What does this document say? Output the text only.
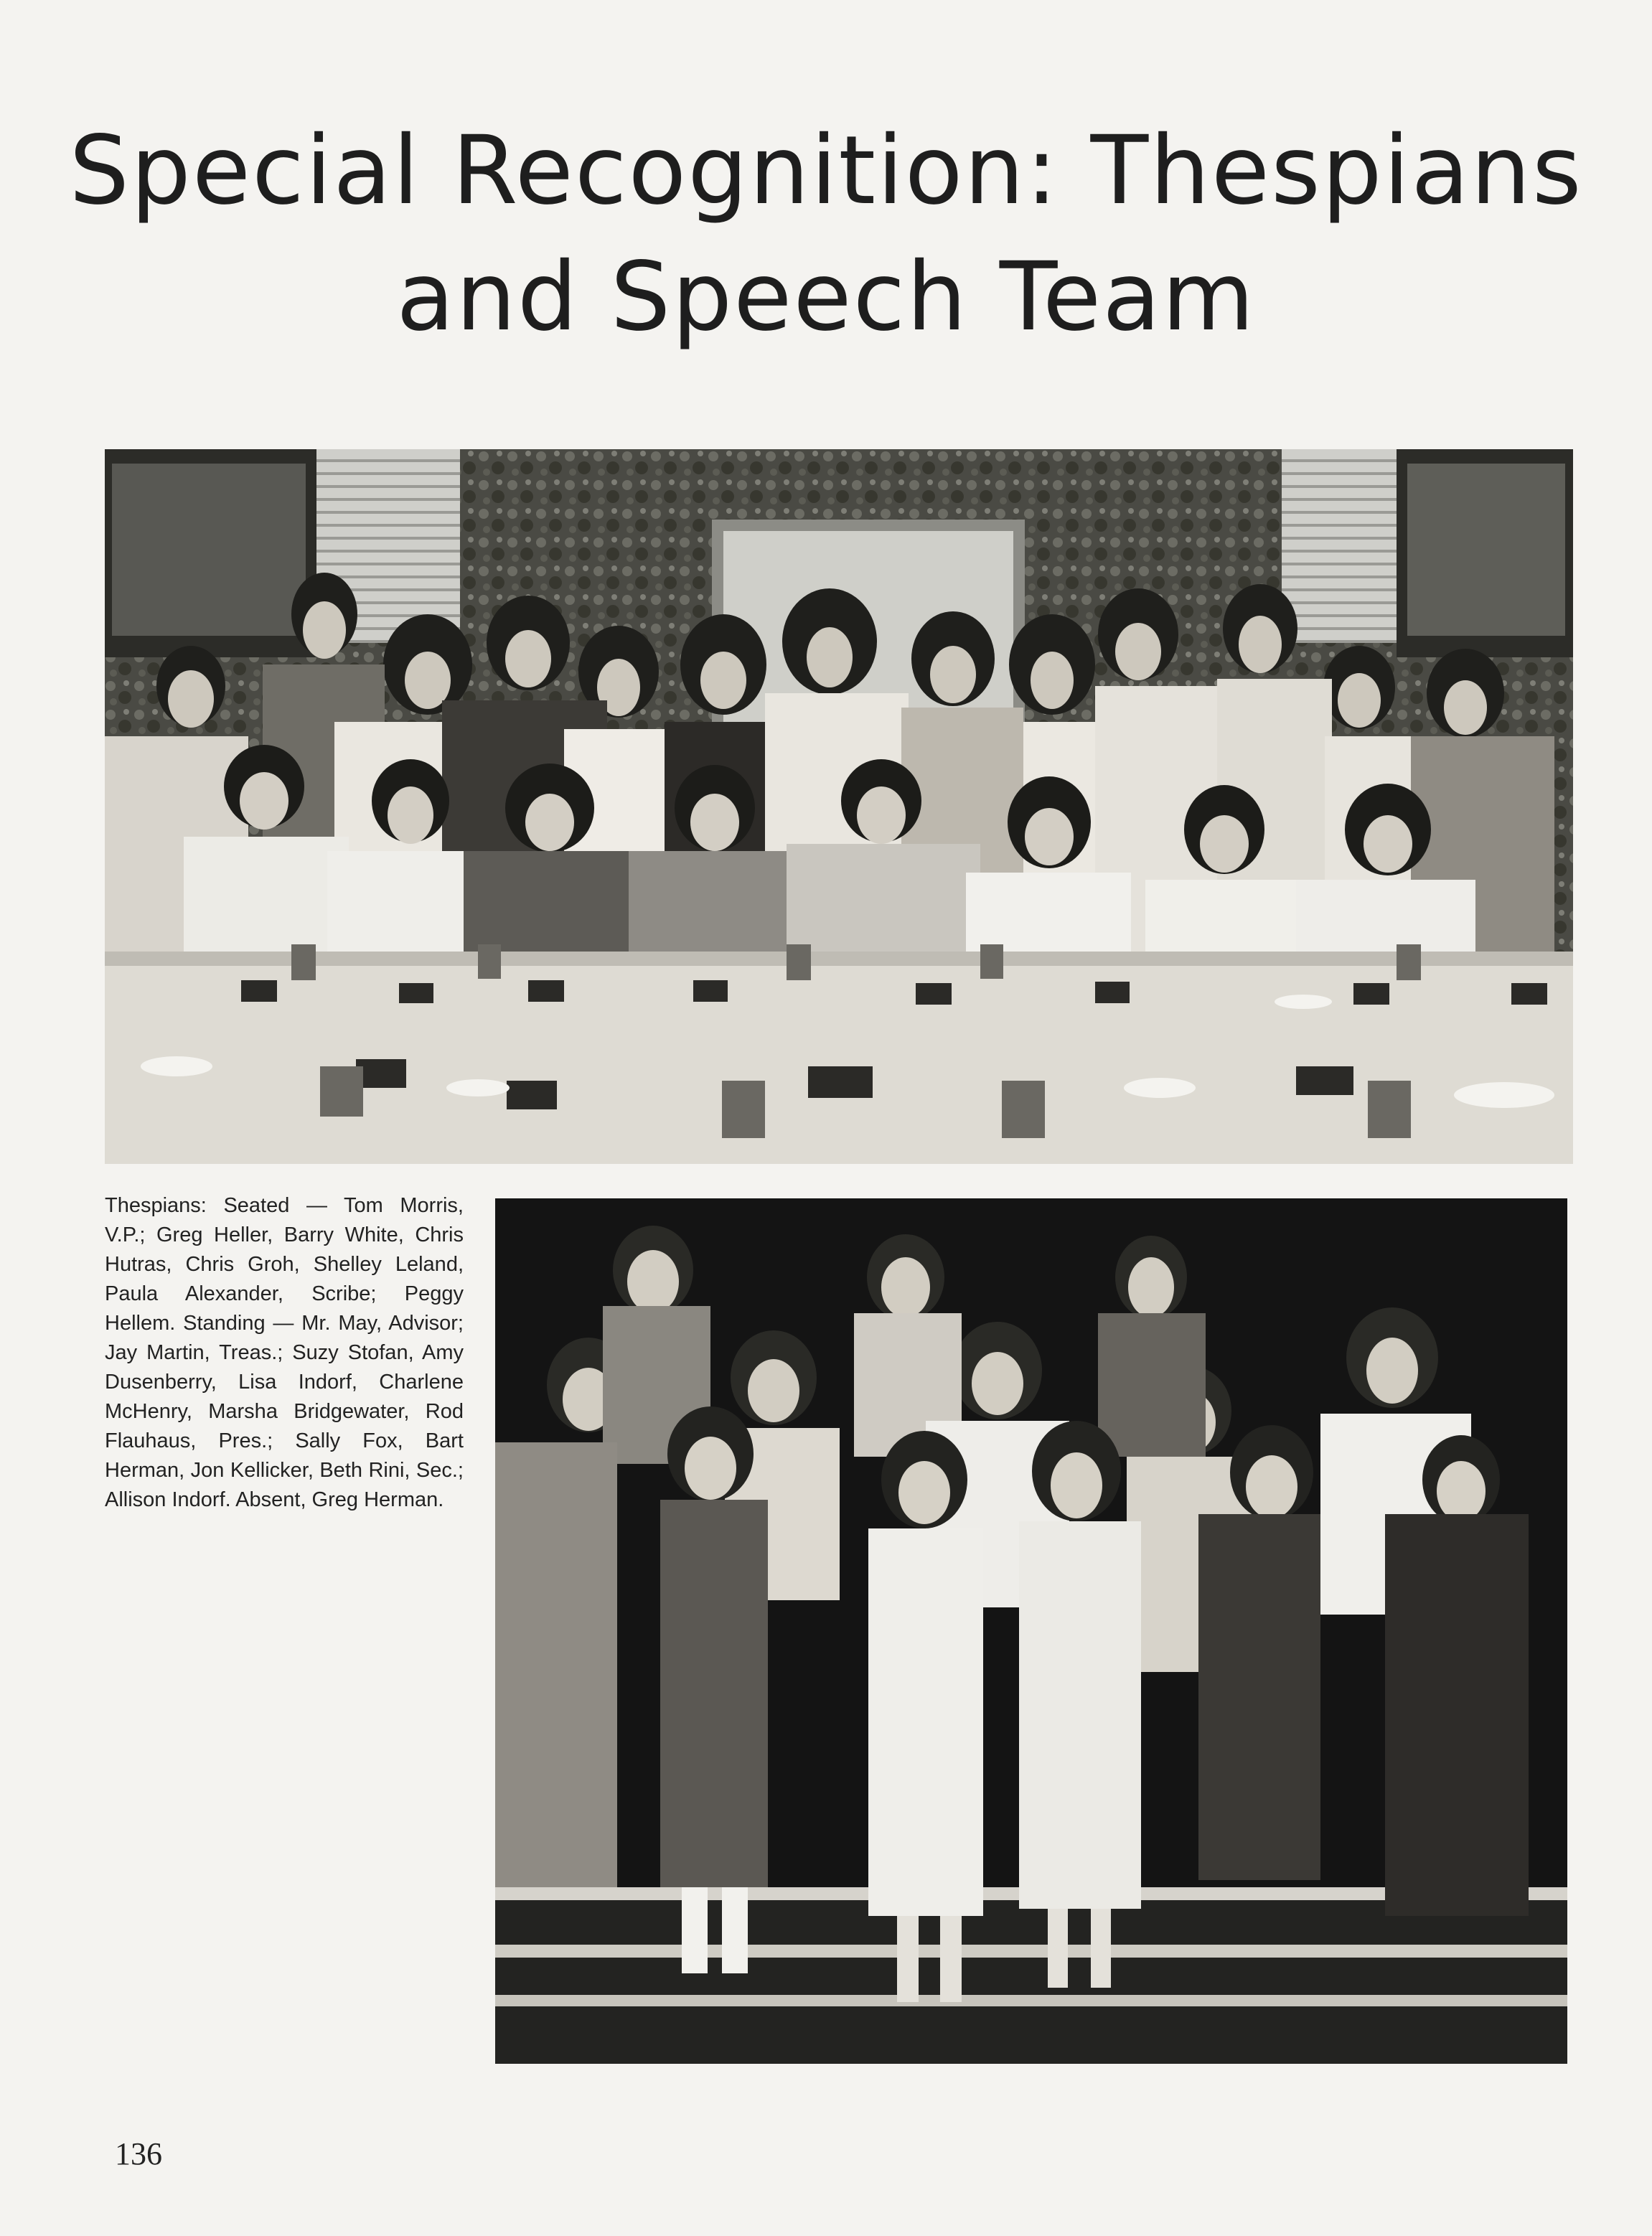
Special Recognition: Thespians and Speech Team

Thespians: Seated — Tom Morris, V.P.; Greg Heller, Barry White, Chris Hutras, Chris Groh, Shelley Leland, Paula Alexander, Scribe; Peggy Hellem. Standing — Mr. May, Advisor; Jay Martin, Treas.; Suzy Stofan, Amy Dusenberry, Lisa Indorf, Charlene McHenry, Marsha Bridgewater, Rod Flauhaus, Pres.; Sally Fox, Bart Herman, Jon Kellicker, Beth Rini, Sec.; Allison Indorf. Absent, Greg Herman.

136
